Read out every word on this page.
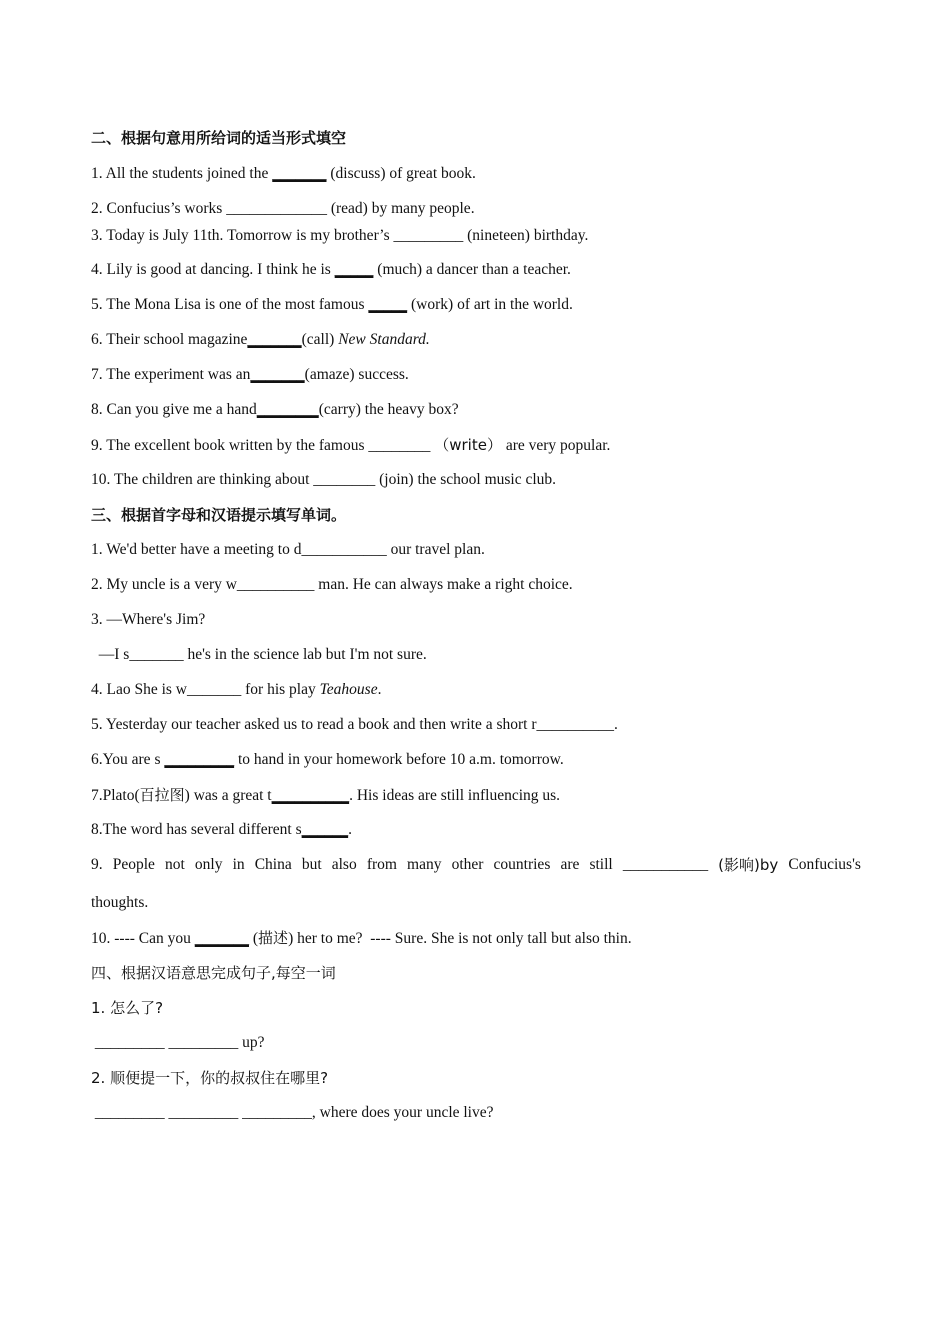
二、根据句意用所给词的适当形式填空
1. All the students joined the _______ (discuss) of great book.
2. Confucius’s works _____________ (read) by many people.
3. Today is July 11th. Tomorrow is my brother’s _________ (nineteen) birthday.
4. Lily is good at dancing. I think he is _____ (much) a dancer than a teacher.
5. The Mona Lisa is one of the most famous _____ (work) of art in the world.
6. Their school magazine_______(call) New Standard.
7. The experiment was an_______(amaze) success.
8. Can you give me a hand________(carry) the heavy box?
9. The excellent book written by the famous ________ （write） are very popular.
10. The children are thinking about ________ (join) the school music club.
三、根据首字母和汉语提示填写单词。
1. We'd better have a meeting to d___________ our travel plan.
2. My uncle is a very w__________ man. He can always make a right choice.
3. —Where's Jim?
—I s_______ he's in the science lab but I'm not sure.
4. Lao She is w_______ for his play Teahouse.
5. Yesterday our teacher asked us to read a book and then write a short r__________.
6.You are s _________ to hand in your homework before 10 a.m. tomorrow.
7.Plato(百拉图) was a great t__________. His ideas are still influencing us.
8.The word has several different s______.
9. People not only in China but also from many other countries are still ___________ (影响)by Confucius's
thoughts.
10. ---- Can you _______ (描述) her to me?  ---- Sure. She is not only tall but also thin.
四、根据汉语意思完成句子,每空一词
1. 怎么了?
_________ _________ up?
2. 顺便提一下，你的叔叔住在哪里?
_________ _________ _________, where does your uncle live?
